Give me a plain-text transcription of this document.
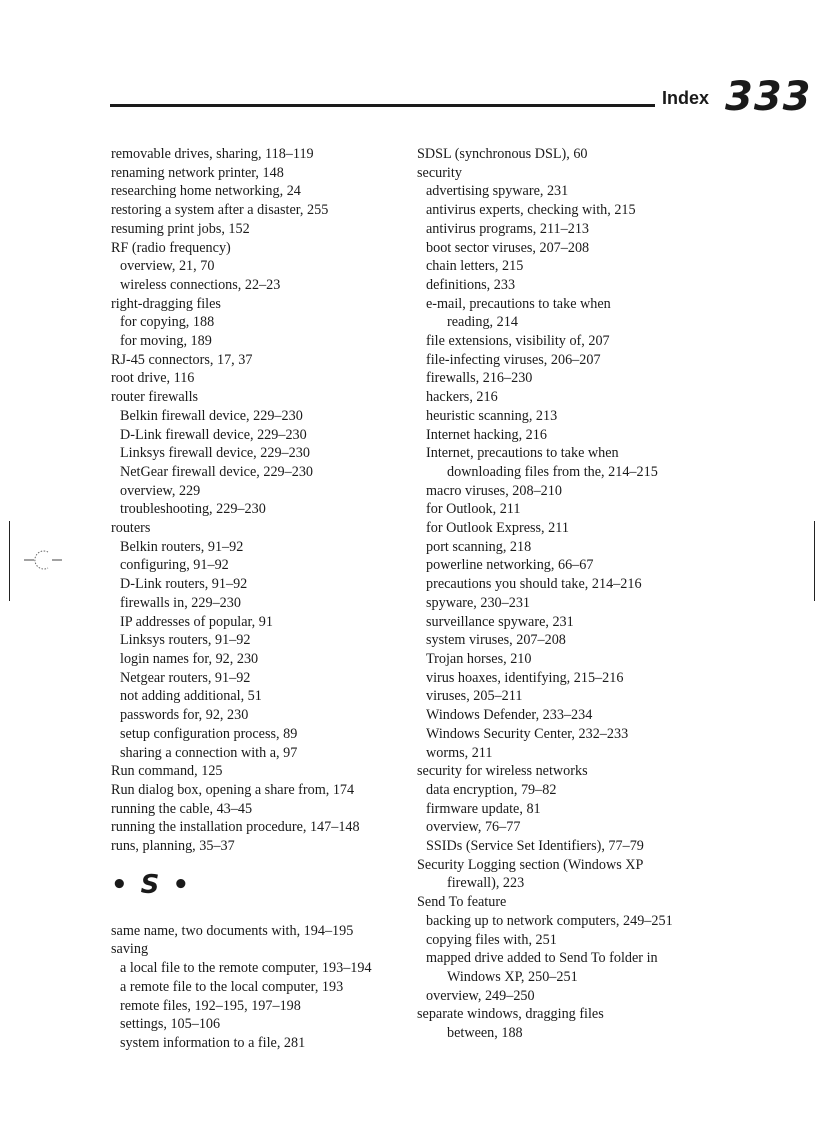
Index 333
removable drives, sharing, 118–119
renaming network printer, 148
researching home networking, 24
restoring a system after a disaster, 255
resuming print jobs, 152
RF (radio frequency)
overview, 21, 70
wireless connections, 22–23
right-dragging files
for copying, 188
for moving, 189
RJ-45 connectors, 17, 37
root drive, 116
router firewalls
Belkin firewall device, 229–230
D-Link firewall device, 229–230
Linksys firewall device, 229–230
NetGear firewall device, 229–230
overview, 229
troubleshooting, 229–230
routers
Belkin routers, 91–92
configuring, 91–92
D-Link routers, 91–92
firewalls in, 229–230
IP addresses of popular, 91
Linksys routers, 91–92
login names for, 92, 230
Netgear routers, 91–92
not adding additional, 51
passwords for, 92, 230
setup configuration process, 89
sharing a connection with a, 97
Run command, 125
Run dialog box, opening a share from, 174
running the cable, 43–45
running the installation procedure, 147–148
runs, planning, 35–37
• S •
same name, two documents with, 194–195
saving
a local file to the remote computer, 193–194
a remote file to the local computer, 193
remote files, 192–195, 197–198
settings, 105–106
system information to a file, 281
SDSL (synchronous DSL), 60
security
advertising spyware, 231
antivirus experts, checking with, 215
antivirus programs, 211–213
boot sector viruses, 207–208
chain letters, 215
definitions, 233
e-mail, precautions to take when
reading, 214
file extensions, visibility of, 207
file-infecting viruses, 206–207
firewalls, 216–230
hackers, 216
heuristic scanning, 213
Internet hacking, 216
Internet, precautions to take when
downloading files from the, 214–215
macro viruses, 208–210
for Outlook, 211
for Outlook Express, 211
port scanning, 218
powerline networking, 66–67
precautions you should take, 214–216
spyware, 230–231
surveillance spyware, 231
system viruses, 207–208
Trojan horses, 210
virus hoaxes, identifying, 215–216
viruses, 205–211
Windows Defender, 233–234
Windows Security Center, 232–233
worms, 211
security for wireless networks
data encryption, 79–82
firmware update, 81
overview, 76–77
SSIDs (Service Set Identifiers), 77–79
Security Logging section (Windows XP
firewall), 223
Send To feature
backing up to network computers, 249–251
copying files with, 251
mapped drive added to Send To folder in
Windows XP, 250–251
overview, 249–250
separate windows, dragging files
between, 188
